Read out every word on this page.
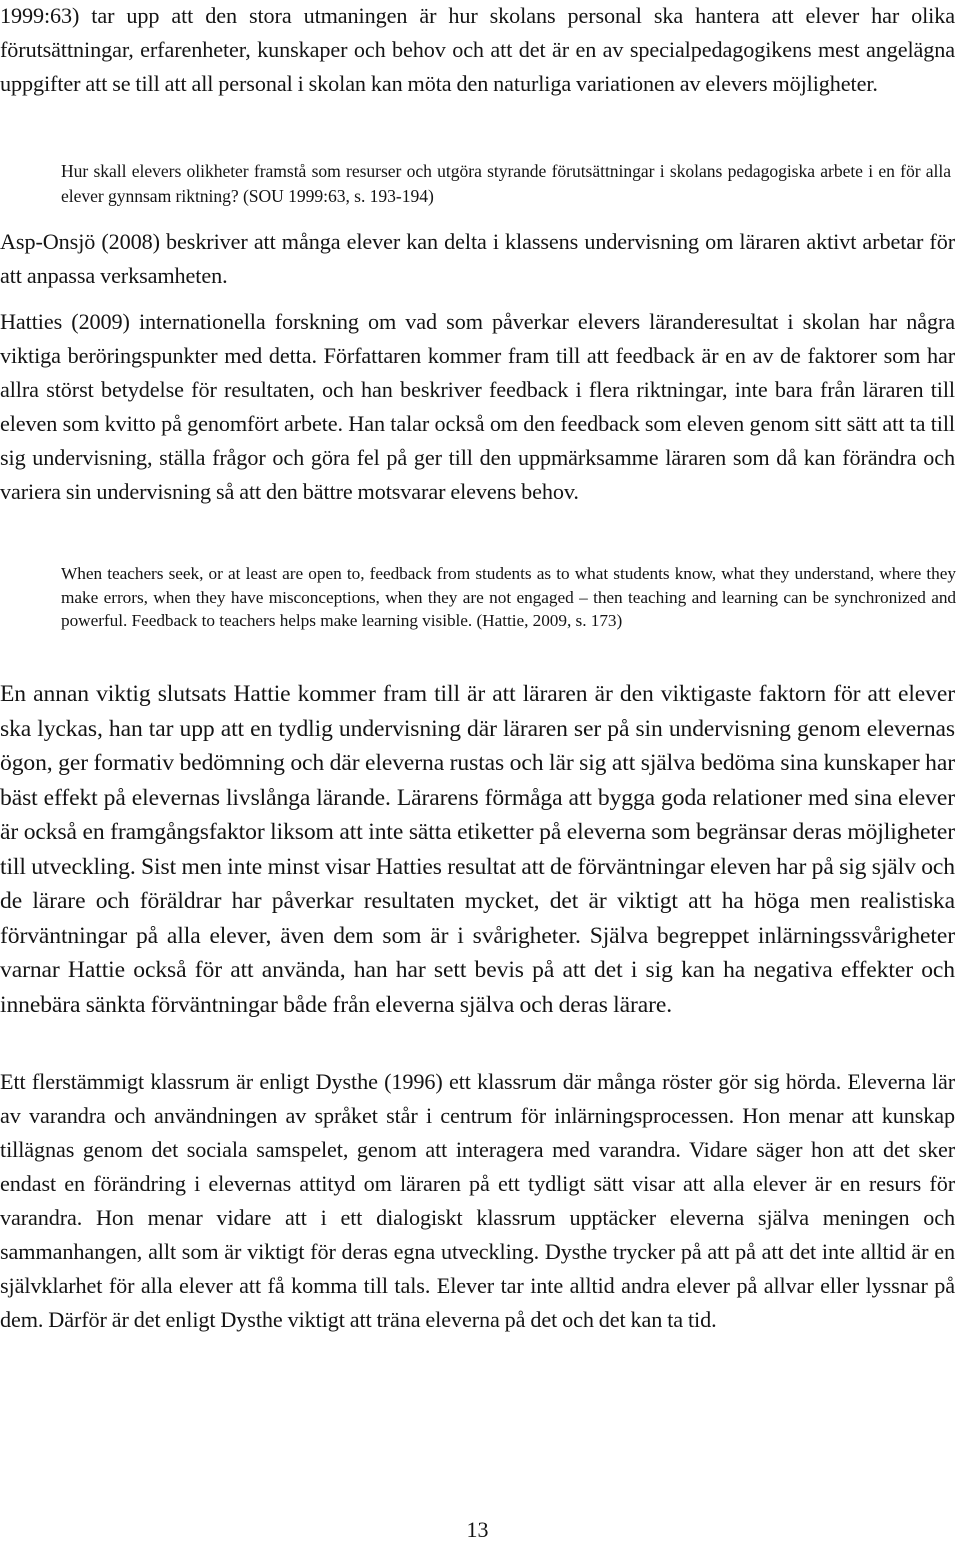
1999:63) tar upp att den stora utmaningen är hur skolans personal ska hantera att elever har olika förutsättningar, erfarenheter, kunskaper och behov och att det är en av specialpedagogikens mest angelägna uppgifter att se till att all personal i skolan kan möta den naturliga variationen av elevers möjligheter.

Hur skall elevers olikheter framstå som resurser och utgöra styrande förutsättningar i skolans pedagogiska arbete i en för alla elever gynnsam riktning? (SOU 1999:63, s. 193-194)

Asp-Onsjö (2008) beskriver att många elever kan delta i klassens undervisning om läraren aktivt arbetar för att anpassa verksamheten.

Hatties (2009) internationella forskning om vad som påverkar elevers läranderesultat i skolan har några viktiga beröringspunkter med detta. Författaren kommer fram till att feedback är en av de faktorer som har allra störst betydelse för resultaten, och han beskriver feedback i flera riktningar, inte bara från läraren till eleven som kvitto på genomfört arbete. Han talar också om den feedback som eleven genom sitt sätt att ta till sig undervisning, ställa frågor och göra fel på ger till den uppmärksamme läraren som då kan förändra och variera sin undervisning så att den bättre motsvarar elevens behov.

When teachers seek, or at least are open to, feedback from students as to what students know, what they understand, where they make errors, when they have misconceptions, when they are not engaged – then teaching and learning can be synchronized and powerful. Feedback to teachers helps make learning visible. (Hattie, 2009, s. 173)

En annan viktig slutsats Hattie kommer fram till är att läraren är den viktigaste faktorn för att elever ska lyckas, han tar upp att en tydlig undervisning där läraren ser på sin undervisning genom elevernas ögon, ger formativ bedömning och där eleverna rustas och lär sig att själva bedöma sina kunskaper har bäst effekt på elevernas livslånga lärande. Lärarens förmåga att bygga goda relationer med sina elever är också en framgångsfaktor liksom att inte sätta etiketter på eleverna som begränsar deras möjligheter till utveckling. Sist men inte minst visar Hatties resultat att de förväntningar eleven har på sig själv och de lärare och föräldrar har påverkar resultaten mycket, det är viktigt att ha höga men realistiska förväntningar på alla elever, även dem som är i svårigheter. Själva begreppet inlärningssvårigheter varnar Hattie också för att använda, han har sett bevis på att det i sig kan ha negativa effekter och innebära sänkta förväntningar både från eleverna själva och deras lärare.

Ett flerstämmigt klassrum är enligt Dysthe (1996) ett klassrum där många röster gör sig hörda. Eleverna lär av varandra och användningen av språket står i centrum för inlärningsprocessen. Hon menar att kunskap tillägnas genom det sociala samspelet, genom att interagera med varandra. Vidare säger hon att det sker endast en förändring i elevernas attityd om läraren på ett tydligt sätt visar att alla elever är en resurs för varandra. Hon menar vidare att i ett dialogiskt klassrum upptäcker eleverna själva meningen och sammanhangen, allt som är viktigt för deras egna utveckling. Dysthe trycker på att på att det inte alltid är en självklarhet för alla elever att få komma till tals. Elever tar inte alltid andra elever på allvar eller lyssnar på dem. Därför är det enligt Dysthe viktigt att träna eleverna på det och det kan ta tid.

13
